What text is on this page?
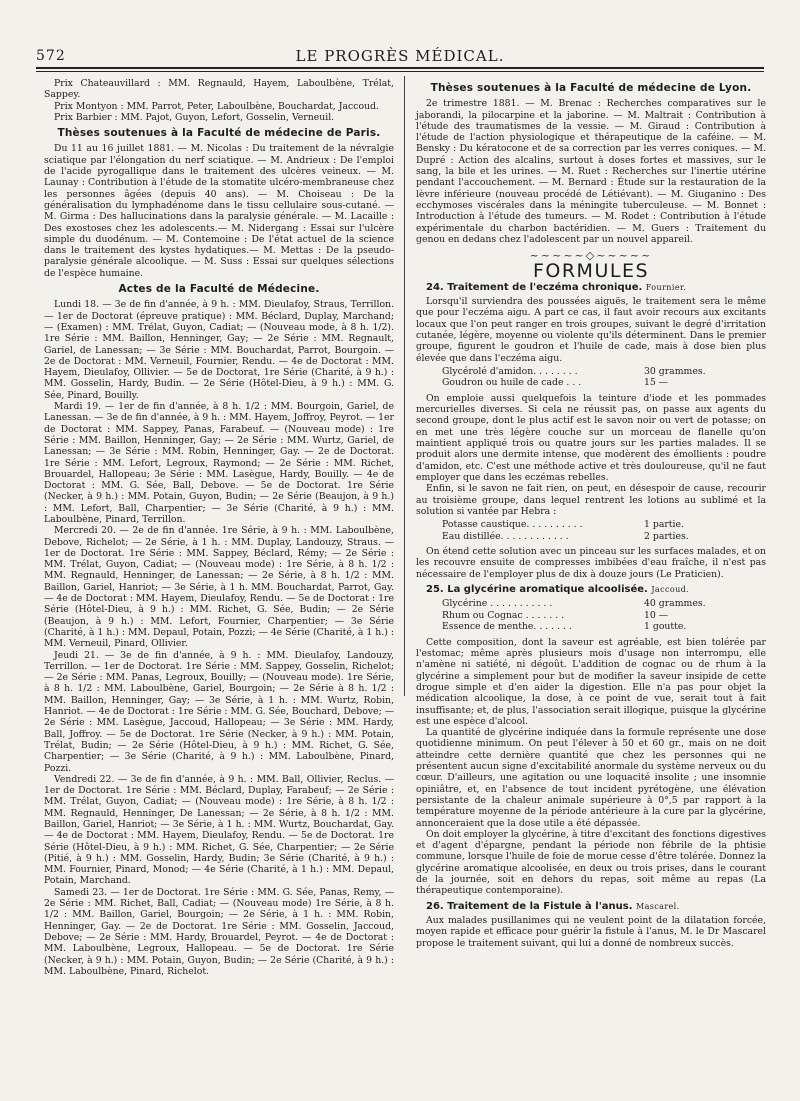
572	LE PROGRÈS MÉDICAL.

Prix Chateauvillard : MM. Regnauld, Hayem, Laboulbène, Trélat, Sappey.

Prix Montyon : MM. Parrot, Peter, Laboulbène, Bouchardat, Jaccoud.

Prix Barbier : MM. Pajot, Guyon, Lefort, Gosselin, Verneuil.

Thèses soutenues à la Faculté de médecine de Paris.

Du 11 au 16 juillet 1881. — M. Nicolas : Du traitement de la névralgie sciatique par l'élongation du nerf sciatique. — M. Andrieux : De l'emploi de l'acide pyrogallique dans le traitement des ulcères veineux. — M. Launay : Contribution à l'étude de la stomatite ulcéro-membraneuse chez les personnes âgées (depuis 40 ans). — M. Choiseau : De la généralisation du lymphadénome dans le tissu cellulaire sous-cutané. — M. Girma : Des hallucinations dans la paralysie générale. — M. Lacaille : Des exostoses chez les adolescents.— M. Nidergang : Essai sur l'ulcère simple du duodénum. — M. Contemoine : De l'état actuel de la science dans le traitement des kystes hydatiques.— M. Mettas : De la pseudo-paralysie générale alcoolique. — M. Suss : Essai sur quelques sélections de l'espèce humaine.

Actes de la Faculté de Médecine.

Lundi 18. — 3e de fin d'année, à 9 h. : MM. Dieulafoy, Straus, Terrillon. — 1er de Doctorat (épreuve pratique) : MM. Béclard, Duplay, Marchand; — (Examen) : MM. Trélat, Guyon, Cadiat; — (Nouveau mode, à 8 h. 1/2). 1re Série : MM. Baillon, Henninger, Gay; — 2e Série : MM. Regnault, Gariel, de Lanessan; — 3e Série : MM. Bouchardat, Parrot, Bourgoin. — 2e de Doctorat : MM. Verneuil, Fournier, Rendu. — 4e de Doctorat : MM. Hayem, Dieulafoy, Ollivier. — 5e de Doctorat, 1re Série (Charité, à 9 h.) : MM. Gosselin, Hardy, Budin. — 2e Série (Hôtel-Dieu, à 9 h.) : MM. G. Sée, Pinard, Bouilly.

Mardi 19. — 1er de fin d'année, à 8 h. 1/2 : MM. Bourgoin, Gariel, de Lanessan. — 3e de fin d'année, à 9 h. : MM. Hayem, Joffroy, Peyrot. — 1er de Doctorat : MM. Sappey, Panas, Farabeuf. — (Nouveau mode) : 1re Série : MM. Baillon, Henninger, Gay; — 2e Série : MM. Wurtz, Gariel, de Lanessan; — 3e Série : MM. Robin, Henninger, Gay. — 2e de Doctorat. 1re Série : MM. Lefort, Legroux, Raymond; — 2e Série : MM. Richet, Brouardel, Hallopeau; 3e Série : MM. Lasègue, Hardy, Bouilly. — 4e de Doctorat : MM. G. Sée, Ball, Debove. — 5e de Doctorat. 1re Série (Necker, à 9 h.) : MM. Potain, Guyon, Budin; — 2e Série (Beaujon, à 9 h.) : MM. Lefort, Ball, Charpentier; — 3e Série (Charité, à 9 h.) : MM. Laboulbène, Pinard, Terrillon.

Mercredi 20. — 2e de fin d'année. 1re Série, à 9 h. : MM. Laboulbène, Debove, Richelot; — 2e Série, à 1 h. : MM. Duplay, Landouzy, Straus. — 1er de Doctorat. 1re Série : MM. Sappey, Béclard, Rémy; — 2e Série : MM. Trélat, Guyon, Cadiat; — (Nouveau mode) : 1re Série, à 8 h. 1/2 : MM. Regnauld, Henninger, de Lanessan; — 2e Série, à 8 h. 1/2 : MM. Baillon, Gariel, Hanriot; — 3e Série, à 1 h. MM. Bouchardat, Parrot, Gay. — 4e de Doctorat : MM. Hayem, Dieulafoy, Rendu. — 5e de Doctorat : 1re Série (Hôtel-Dieu, à 9 h.) : MM. Richet, G. Sée, Budin; — 2e Série (Beaujon, à 9 h.) : MM. Lefort, Fournier, Charpentier; — 3e Série (Charité, à 1 h.) : MM. Depaul, Potain, Pozzi; — 4e Série (Charité, à 1 h.) : MM. Verneuil, Pinard, Ollivier.

Jeudi 21. — 3e de fin d'année, à 9 h. : MM. Dieulafoy, Landouzy, Terrillon. — 1er de Doctorat. 1re Série : MM. Sappey, Gosselin, Richelot; — 2e Série : MM. Panas, Legroux, Bouilly; — (Nouveau mode). 1re Série, à 8 h. 1/2 : MM. Laboulbène, Gariel, Bourgoin; — 2e Série à 8 h. 1/2 : MM. Baillon, Henninger, Gay; — 3e Série, à 1 h. : MM. Wurtz, Robin, Hanriot. — 4e de Doctorat : 1re Série : MM. G. Sée, Bouchard, Debove; — 2e Série : MM. Lasègue, Jaccoud, Hallopeau; — 3e Série : MM. Hardy, Ball, Joffroy. — 5e de Doctorat. 1re Série (Necker, à 9 h.) : MM. Potain, Trélat, Budin; — 2e Série (Hôtel-Dieu, à 9 h.) : MM. Richet, G. Sée, Charpentier; — 3e Série (Charité, à 9 h.) : MM. Laboulbène, Pinard, Pozzi.

Vendredi 22. — 3e de fin d'année, à 9 h. : MM. Ball, Ollivier, Reclus. — 1er de Doctorat. 1re Série : MM. Béclard, Duplay, Farabeuf; — 2e Série : MM. Trélat, Guyon, Cadiat; — (Nouveau mode) : 1re Série, à 8 h. 1/2 : MM. Regnauld, Henninger, De Lanessan; — 2e Série, à 8 h. 1/2 : MM. Baillon, Gariel, Hanriot; — 3e Série, à 1 h. : MM. Wurtz, Bouchardat, Gay. — 4e de Doctorat : MM. Hayem, Dieulafoy, Rendu. — 5e de Doctorat. 1re Série (Hôtel-Dieu, à 9 h.) : MM. Richet, G. Sée, Charpentier; — 2e Série (Pitié, à 9 h.) : MM. Gosselin, Hardy, Budin; 3e Série (Charité, à 9 h.) : MM. Fournier, Pinard, Monod; — 4e Série (Charité, à 1 h.) : MM. Depaul, Potain, Marchand.

Samedi 23. — 1er de Doctorat. 1re Série : MM. G. Sée, Panas, Remy, — 2e Série : MM. Richet, Ball, Cadiat; — (Nouveau mode) 1re Série, à 8 h. 1/2 : MM. Baillon, Gariel, Bourgoin; — 2e Série, à 1 h. : MM. Robin, Henninger, Gay. — 2e de Doctorat. 1re Série : MM. Gosselin, Jaccoud, Debove; — 2e Série : MM. Hardy, Brouardel, Peyrot. — 4e de Doctorat : MM. Laboulbène, Legroux, Hallopeau. — 5e de Doctorat. 1re Série (Necker, à 9 h.) : MM. Potain, Guyon, Budin; — 2e Série (Charité, à 9 h.) : MM. Laboulbène, Pinard, Richelot.

Thèses soutenues à la Faculté de médecine de Lyon.

2e trimestre 1881. — M. Brenac : Recherches comparatives sur le jaborandi, la pilocarpine et la jaborine. — M. Maltrait : Contribution à l'étude des traumatismes de la vessie. — M. Giraud : Contribution à l'étude de l'action physiologique et thérapeutique de la caféine. — M. Bensky : Du kératocone et de sa correction par les verres coniques. — M. Dupré : Action des alcalins, surtout à doses fortes et massives, sur le sang, la bile et les urines. — M. Ruet : Recherches sur l'inertie utérine pendant l'accouchement. — M. Bernard : Étude sur la restauration de la lèvre inférieure (nouveau procédé de Létiévant). — M. Giuganino : Des ecchymoses viscérales dans la méningite tuberculeuse. — M. Bonnet : Introduction à l'étude des tumeurs. — M. Rodet : Contribution à l'étude expérimentale du charbon bactéridien. — M. Guers : Traitement du genou en dedans chez l'adolescent par un nouvel appareil.

~~~~~◇~~~~~
FORMULES
24. Traitement de l'eczéma chronique. Fournier.

Lorsqu'il surviendra des poussées aiguës, le traitement sera le même que pour l'eczéma aigu. A part ce cas, il faut avoir recours aux excitants locaux que l'on peut ranger en trois groupes, suivant le degré d'irritation cutanée, légère, moyenne ou violente qu'ils déterminent. Dans le premier groupe, figurent le goudron et l'huile de cade, mais à dose bien plus élevée que dans l'eczéma aigu.

Glycérolé d'amidon. . . . . . . .	30 grammes.
Goudron ou huile de cade . . .	15 —

On emploie aussi quelquefois la teinture d'iode et les pommades mercurielles diverses. Si cela ne réussit pas, on passe aux agents du second groupe, dont le plus actif est le savon noir ou vert de potasse; on en met une très légère couche sur un morceau de flanelle qu'on maintient appliqué trois ou quatre jours sur les parties malades. Il se produit alors une dermite intense, que modèrent des émollients : poudre d'amidon, etc. C'est une méthode active et très douloureuse, qu'il ne faut employer que dans les eczémas rebelles.

Enfin, si le savon ne fait rien, on peut, en désespoir de cause, recourir au troisième groupe, dans lequel rentrent les lotions au sublimé et la solution si vantée par Hebra :

Potasse caustique. . . . . . . . . .	1 partie.
Eau distillée. . . . . . . . . . . .	2 parties.

On étend cette solution avec un pinceau sur les surfaces malades, et on les recouvre ensuite de compresses imbibées d'eau fraîche, il n'est pas nécessaire de l'employer plus de dix à douze jours (Le Praticien).

25. La glycérine aromatique alcoolisée. Jaccoud.
Glycérine . . . . . . . . . . .	40 grammes.
Rhum ou Cognac . . . . . . .	10 —
Essence de menthe. . . . . . .	1 goutte.

Cette composition, dont la saveur est agréable, est bien tolérée par l'estomac; même après plusieurs mois d'usage non interrompu, elle n'amène ni satiété, ni dégoût. L'addition de cognac ou de rhum à la glycérine a simplement pour but de modifier la saveur insipide de cette drogue simple et d'en aider la digestion. Elle n'a pas pour objet la médication alcoolique, la dose, à ce point de vue, serait tout à fait insuffisante; et, de plus, l'association serait illogique, puisque la glycérine est une espèce d'alcool.

La quantité de glycérine indiquée dans la formule représente une dose quotidienne minimum. On peut l'élever à 50 et 60 gr., mais on ne doit atteindre cette dernière quantité que chez les personnes qui ne présentent aucun signe d'excitabilité anormale du système nerveux ou du cœur. D'ailleurs, une agitation ou une loquacité insolite ; une insomnie opiniâtre, et, en l'absence de tout incident pyrétogène, une élévation persistante de la chaleur animale supérieure à 0°,5 par rapport à la température moyenne de la période antérieure à la cure par la glycérine, annonceraient que la dose utile a été dépassée.

On doit employer la glycérine, à titre d'excitant des fonctions digestives et d'agent d'épargne, pendant la période non fébrile de la phtisie commune, lorsque l'huile de foie de morue cesse d'être tolérée. Donnez la glycérine aromatique alcoolisée, en deux ou trois prises, dans le courant de la journée, soit en dehors du repas, soit même au repas (La thérapeutique contemporaine).

26. Traitement de la Fistule à l'anus. Mascarel.

Aux malades pusillanimes qui ne veulent point de la dilatation forcée, moyen rapide et efficace pour guérir la fistule à l'anus, M. le Dr Mascarel propose le traitement suivant, qui lui a donné de nombreux succès.
